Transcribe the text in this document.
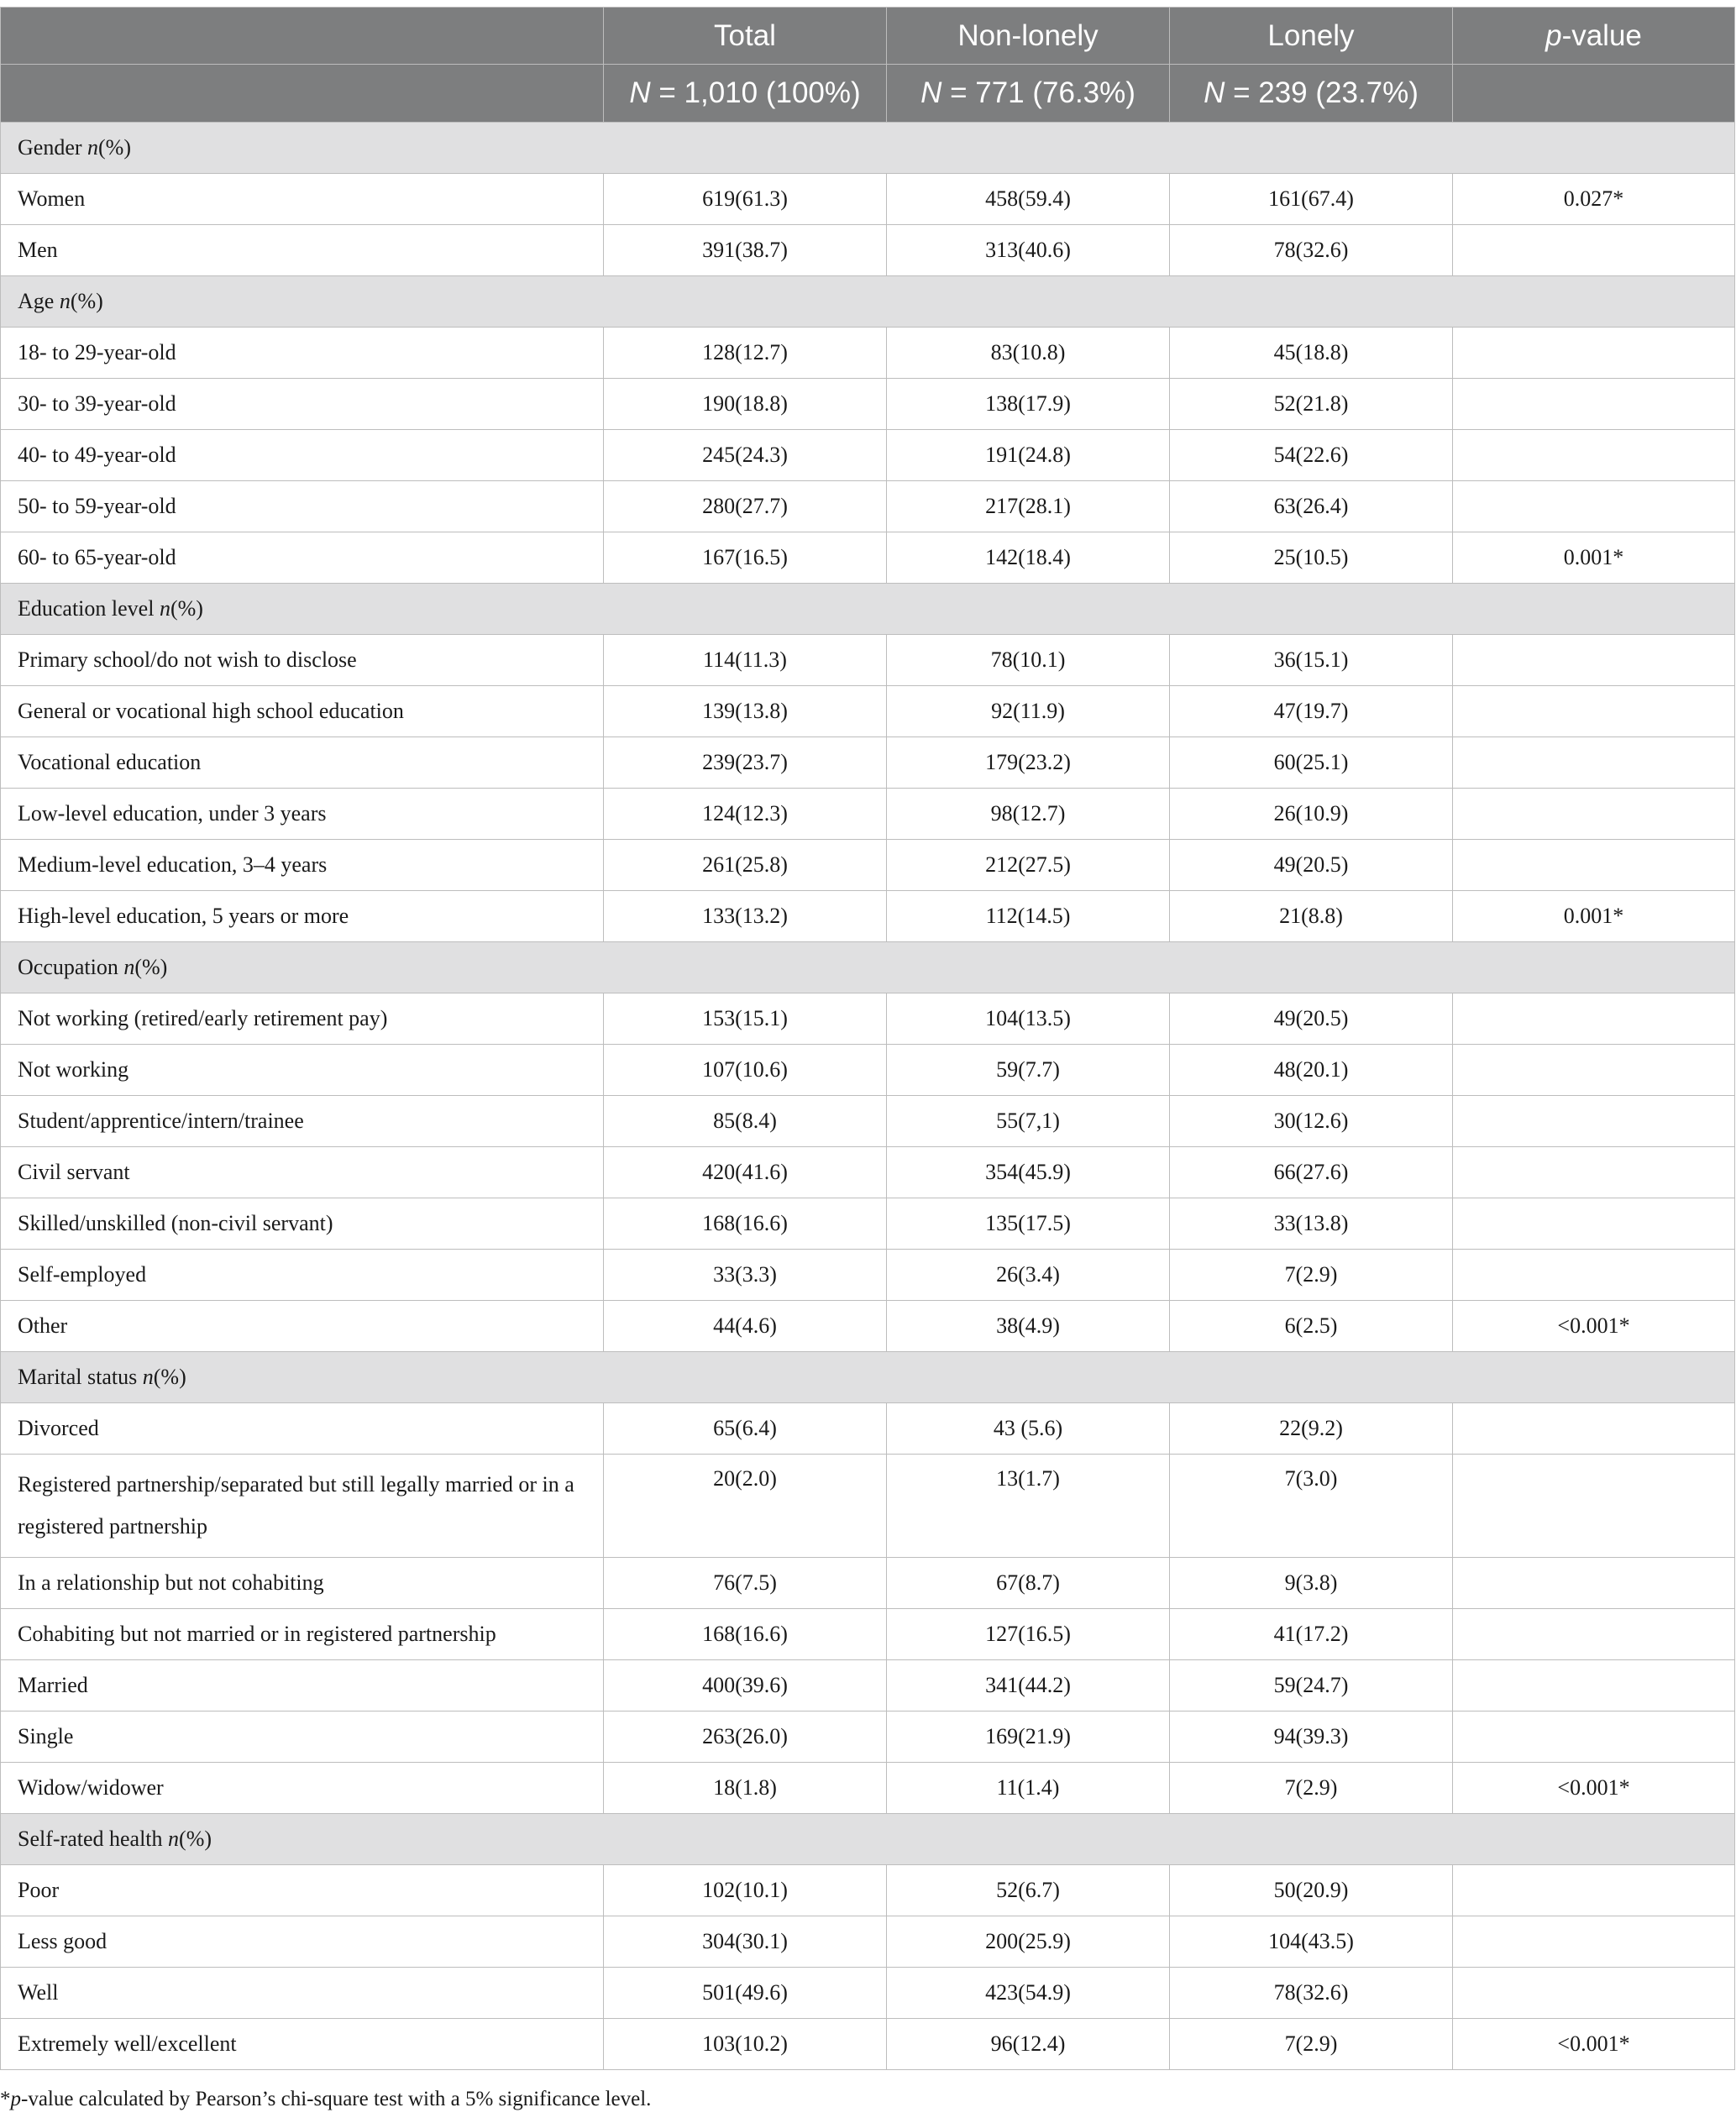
	Total	Non-lonely	Lonely	p-value
	N = 1,010 (100%)	N = 771 (76.3%)	N = 239 (23.7%)	
Gender n(%)				
Women	619(61.3)	458(59.4)	161(67.4)	0.027*
Men	391(38.7)	313(40.6)	78(32.6)	
Age n(%)				
18- to 29-year-old	128(12.7)	83(10.8)	45(18.8)	
30- to 39-year-old	190(18.8)	138(17.9)	52(21.8)	
40- to 49-year-old	245(24.3)	191(24.8)	54(22.6)	
50- to 59-year-old	280(27.7)	217(28.1)	63(26.4)	
60- to 65-year-old	167(16.5)	142(18.4)	25(10.5)	0.001*
Education level n(%)				
Primary school/do not wish to disclose	114(11.3)	78(10.1)	36(15.1)	
General or vocational high school education	139(13.8)	92(11.9)	47(19.7)	
Vocational education	239(23.7)	179(23.2)	60(25.1)	
Low-level education, under 3 years	124(12.3)	98(12.7)	26(10.9)	
Medium-level education, 3–4 years	261(25.8)	212(27.5)	49(20.5)	
High-level education, 5 years or more	133(13.2)	112(14.5)	21(8.8)	0.001*
Occupation n(%)				
Not working (retired/early retirement pay)	153(15.1)	104(13.5)	49(20.5)	
Not working	107(10.6)	59(7.7)	48(20.1)	
Student/apprentice/intern/trainee	85(8.4)	55(7,1)	30(12.6)	
Civil servant	420(41.6)	354(45.9)	66(27.6)	
Skilled/unskilled (non-civil servant)	168(16.6)	135(17.5)	33(13.8)	
Self-employed	33(3.3)	26(3.4)	7(2.9)	
Other	44(4.6)	38(4.9)	6(2.5)	<0.001*
Marital status n(%)				
Divorced	65(6.4)	43 (5.6)	22(9.2)	
Registered partnership/separated but still legally married or in a registered partnership	20(2.0)	13(1.7)	7(3.0)	
In a relationship but not cohabiting	76(7.5)	67(8.7)	9(3.8)	
Cohabiting but not married or in registered partnership	168(16.6)	127(16.5)	41(17.2)	
Married	400(39.6)	341(44.2)	59(24.7)	
Single	263(26.0)	169(21.9)	94(39.3)	
Widow/widower	18(1.8)	11(1.4)	7(2.9)	<0.001*
Self-rated health n(%)				
Poor	102(10.1)	52(6.7)	50(20.9)	
Less good	304(30.1)	200(25.9)	104(43.5)	
Well	501(49.6)	423(54.9)	78(32.6)	
Extremely well/excellent	103(10.2)	96(12.4)	7(2.9)	<0.001*
*p-value calculated by Pearson’s chi-square test with a 5% significance level.
